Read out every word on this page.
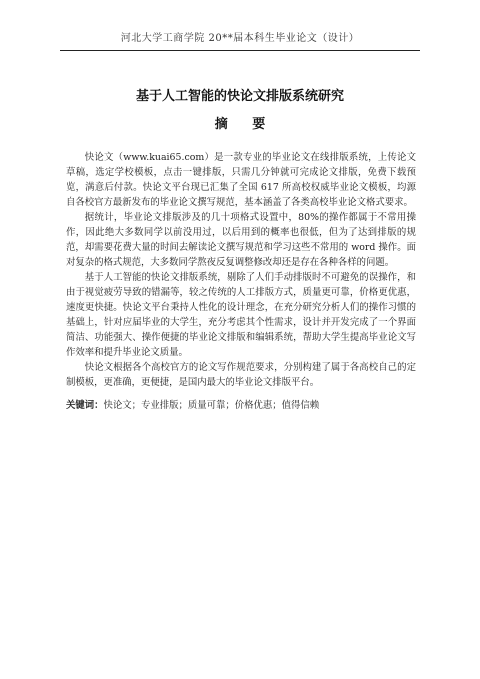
河北大学工商学院 20**届本科生毕业论文（设计）
基于人工智能的快论文排版系统研究
摘 要

快论文（www.kuai65.com）是一款专业的毕业论文在线排版系统，上传论文草稿，选定学校模板，点击一键排版，只需几分钟就可完成论文排版，免费下载预览，满意后付款。快论文平台现已汇集了全国 617 所高校权威毕业论文模板，均源自各校官方最新发布的毕业论文撰写规范，基本涵盖了各类高校毕业论文格式要求。

据统计，毕业论文排版涉及的几十项格式设置中，80%的操作都属于不常用操作，因此绝大多数同学以前没用过，以后用到的概率也很低，但为了达到排版的规范，却需要花费大量的时间去解读论文撰写规范和学习这些不常用的 word 操作。面对复杂的格式规范，大多数同学熬夜反复调整修改却还是存在各种各样的问题。

基于人工智能的快论文排版系统，剔除了人们手动排版时不可避免的误操作，和由于视觉疲劳导致的错漏等，较之传统的人工排版方式，质量更可靠，价格更优惠，速度更快捷。快论文平台秉持人性化的设计理念，在充分研究分析人们的操作习惯的基础上，针对应届毕业的大学生，充分考虑其个性需求，设计并开发完成了一个界面简洁、功能强大、操作便捷的毕业论文排版和编辑系统，帮助大学生提高毕业论文写作效率和提升毕业论文质量。

快论文根据各个高校官方的论文写作规范要求，分别构建了属于各高校自己的定制模板，更准确，更便捷，是国内最大的毕业论文排版平台。

关键词：快论文；专业排版；质量可靠；价格优惠；值得信赖
